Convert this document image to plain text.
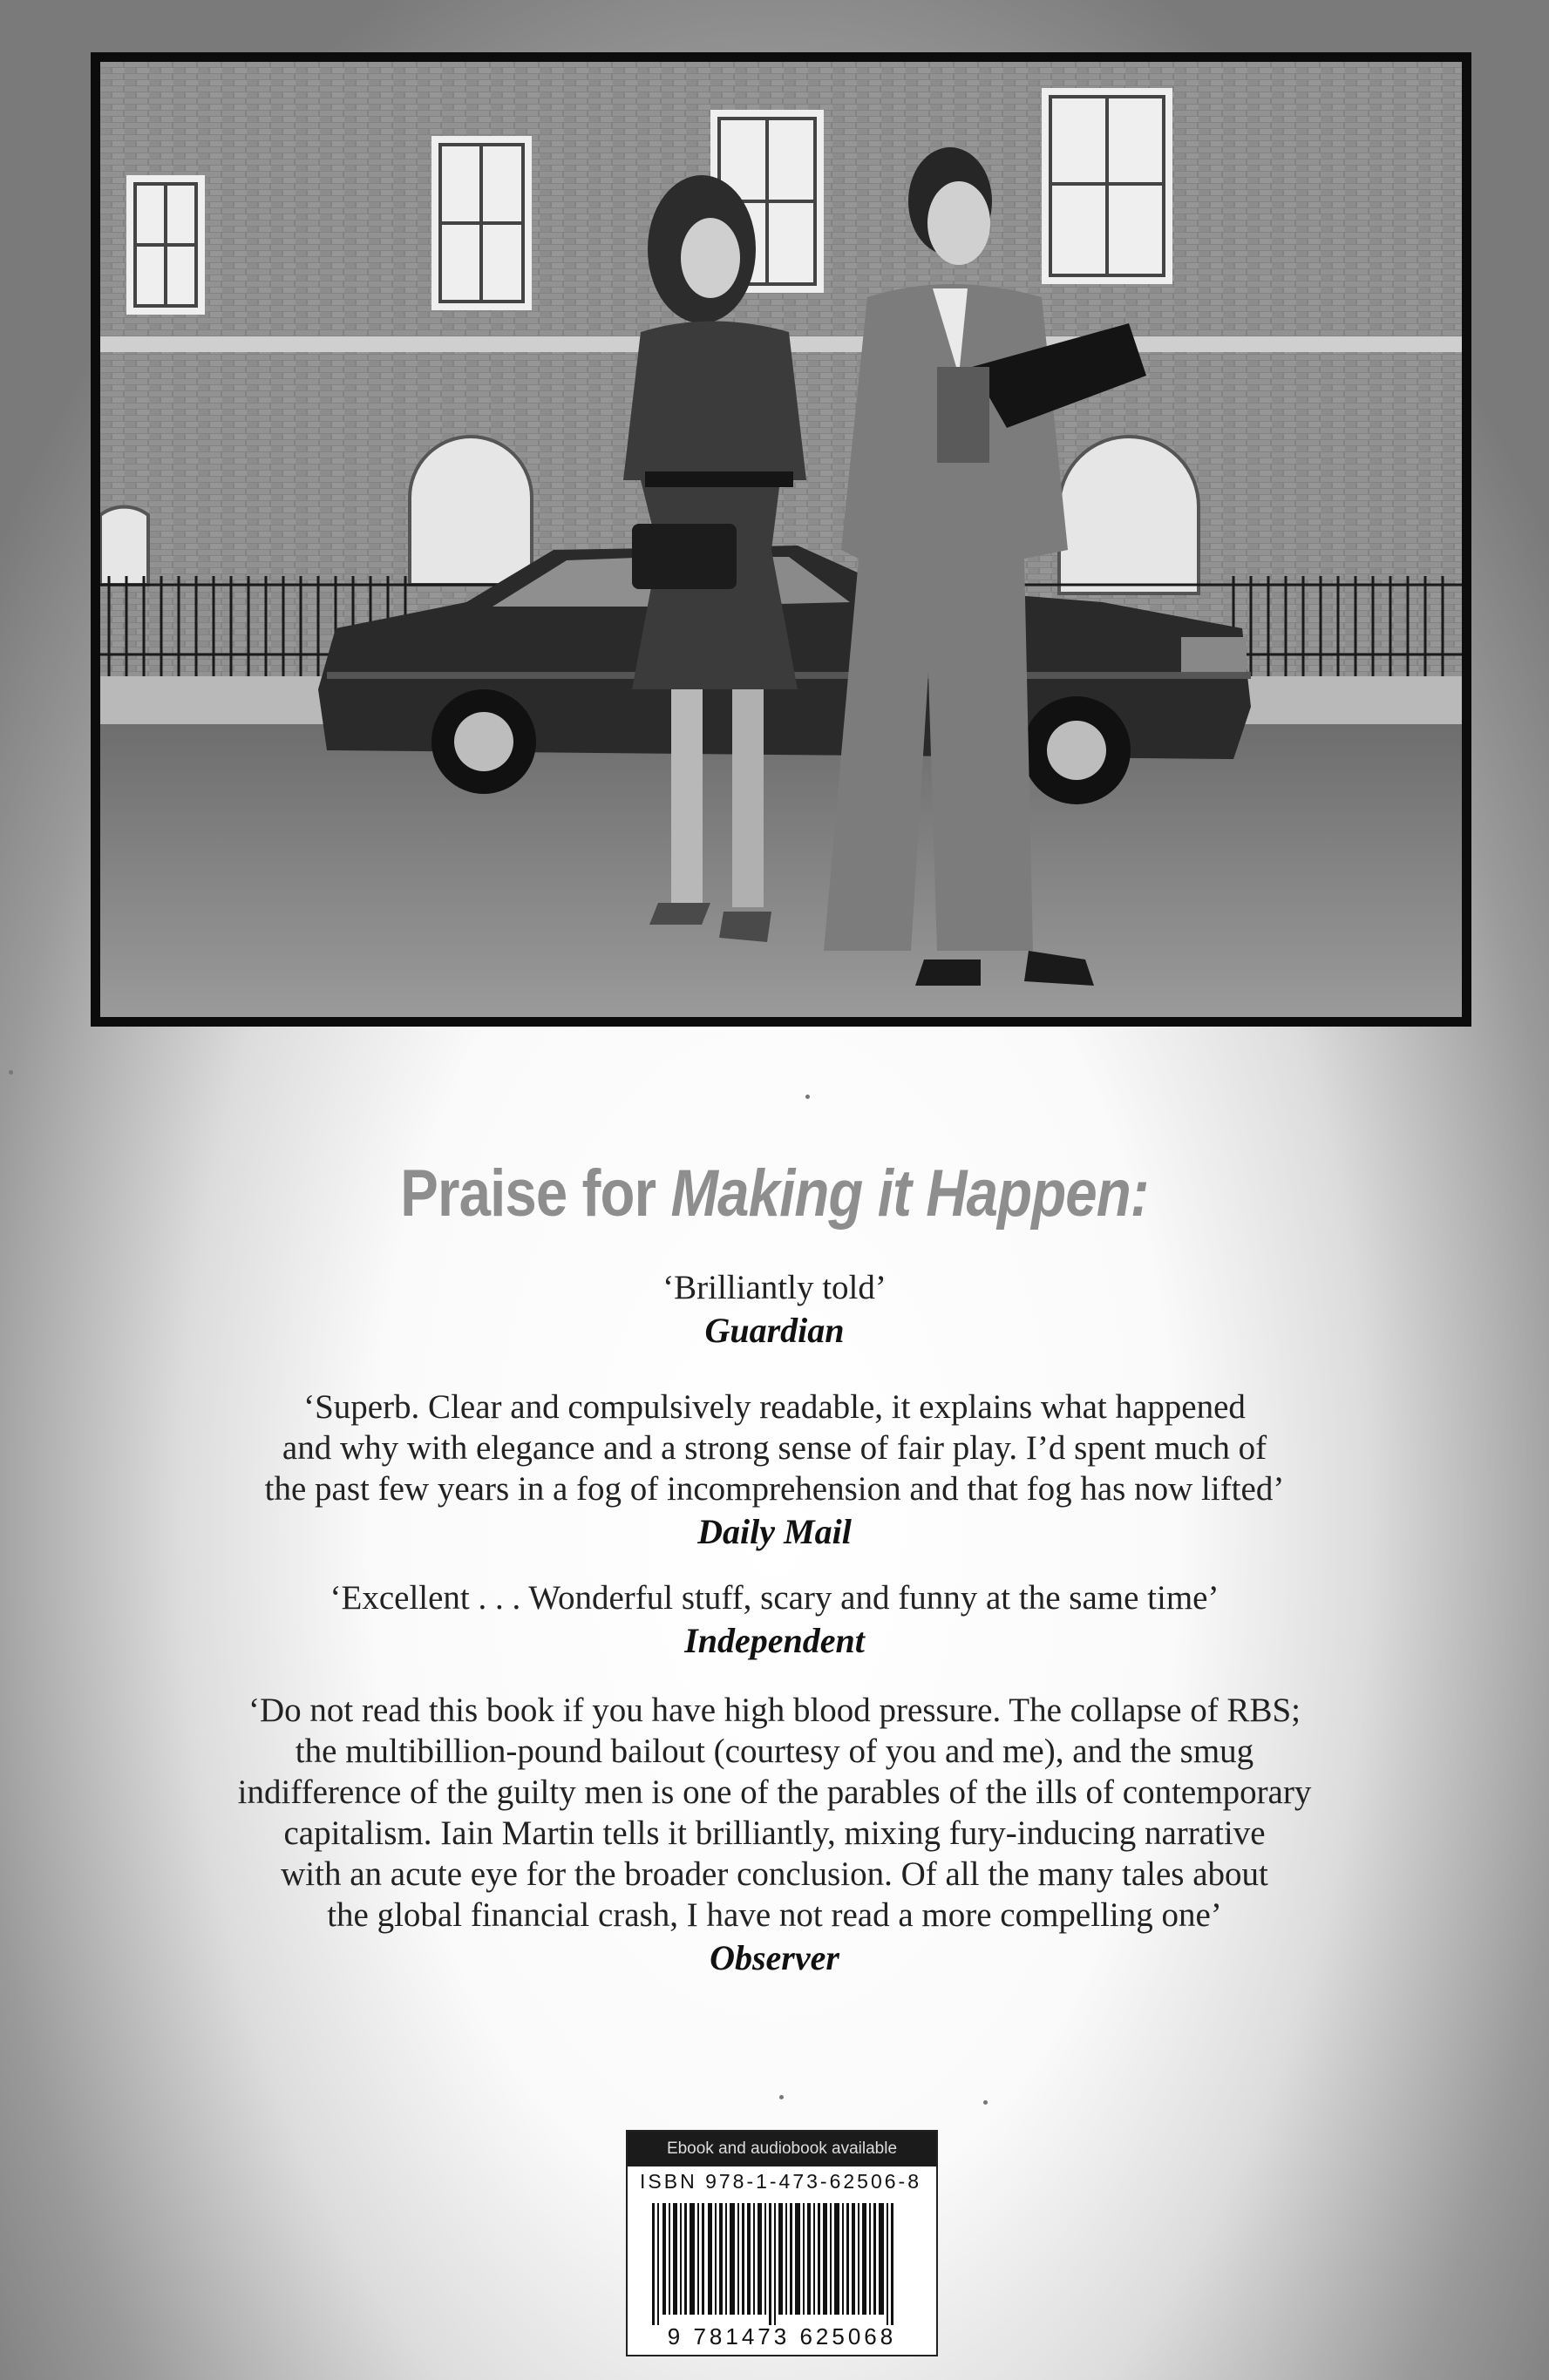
Praise for Making it Happen:
‘Brilliantly told’
Guardian
‘Superb. Clear and compulsively readable, it explains what happened
and why with elegance and a strong sense of fair play. I’d spent much of
the past few years in a fog of incomprehension and that fog has now lifted’
Daily Mail
‘Excellent . . . Wonderful stuff, scary and funny at the same time’
Independent
‘Do not read this book if you have high blood pressure. The collapse of RBS;
the multibillion-pound bailout (courtesy of you and me), and the smug
indifference of the guilty men is one of the parables of the ills of contemporary
capitalism. Iain Martin tells it brilliantly, mixing fury-inducing narrative
with an acute eye for the broader conclusion. Of all the many tales about
the global financial crash, I have not read a more compelling one’
Observer
Ebook and audiobook available
ISBN 978-1-473-62506-8
9 781473 625068
